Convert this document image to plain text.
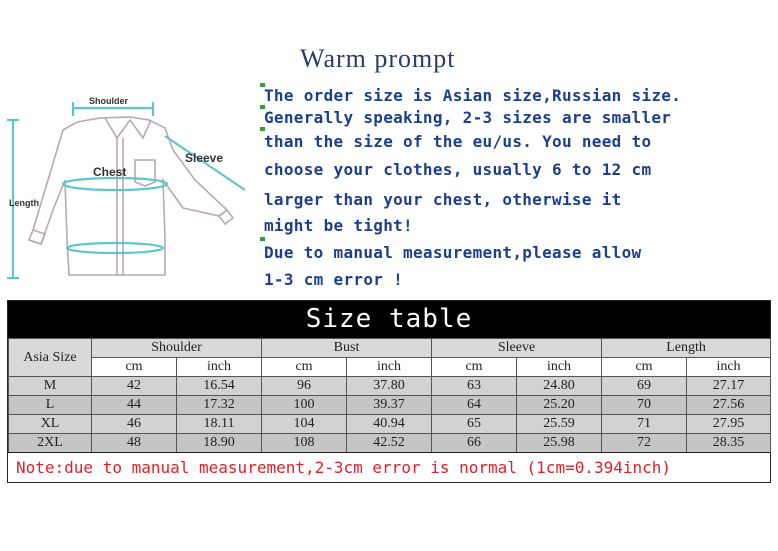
Shoulder
Sleeve
Chest
Length
Warm prompt
The order size is Asian size,Russian size.
Generally speaking, 2-3 sizes are smaller
than the size of the eu/us. You need to
choose your clothes, usually 6 to 12 cm
larger than your chest, otherwise it
might be tight!
Due to manual measurement,please allow
1-3 cm error !
Size table
Asia Size	Shoulder		Bust		Sleeve		Length	
	cm	inch	cm	inch	cm	inch	cm	inch
M	42	16.54	96	37.80	63	24.80	69	27.17
L	44	17.32	100	39.37	64	25.20	70	27.56
XL	46	18.11	104	40.94	65	25.59	71	27.95
2XL	48	18.90	108	42.52	66	25.98	72	28.35
Note:due to manual measurement,2-3cm error is normal (1cm=0.394inch)
